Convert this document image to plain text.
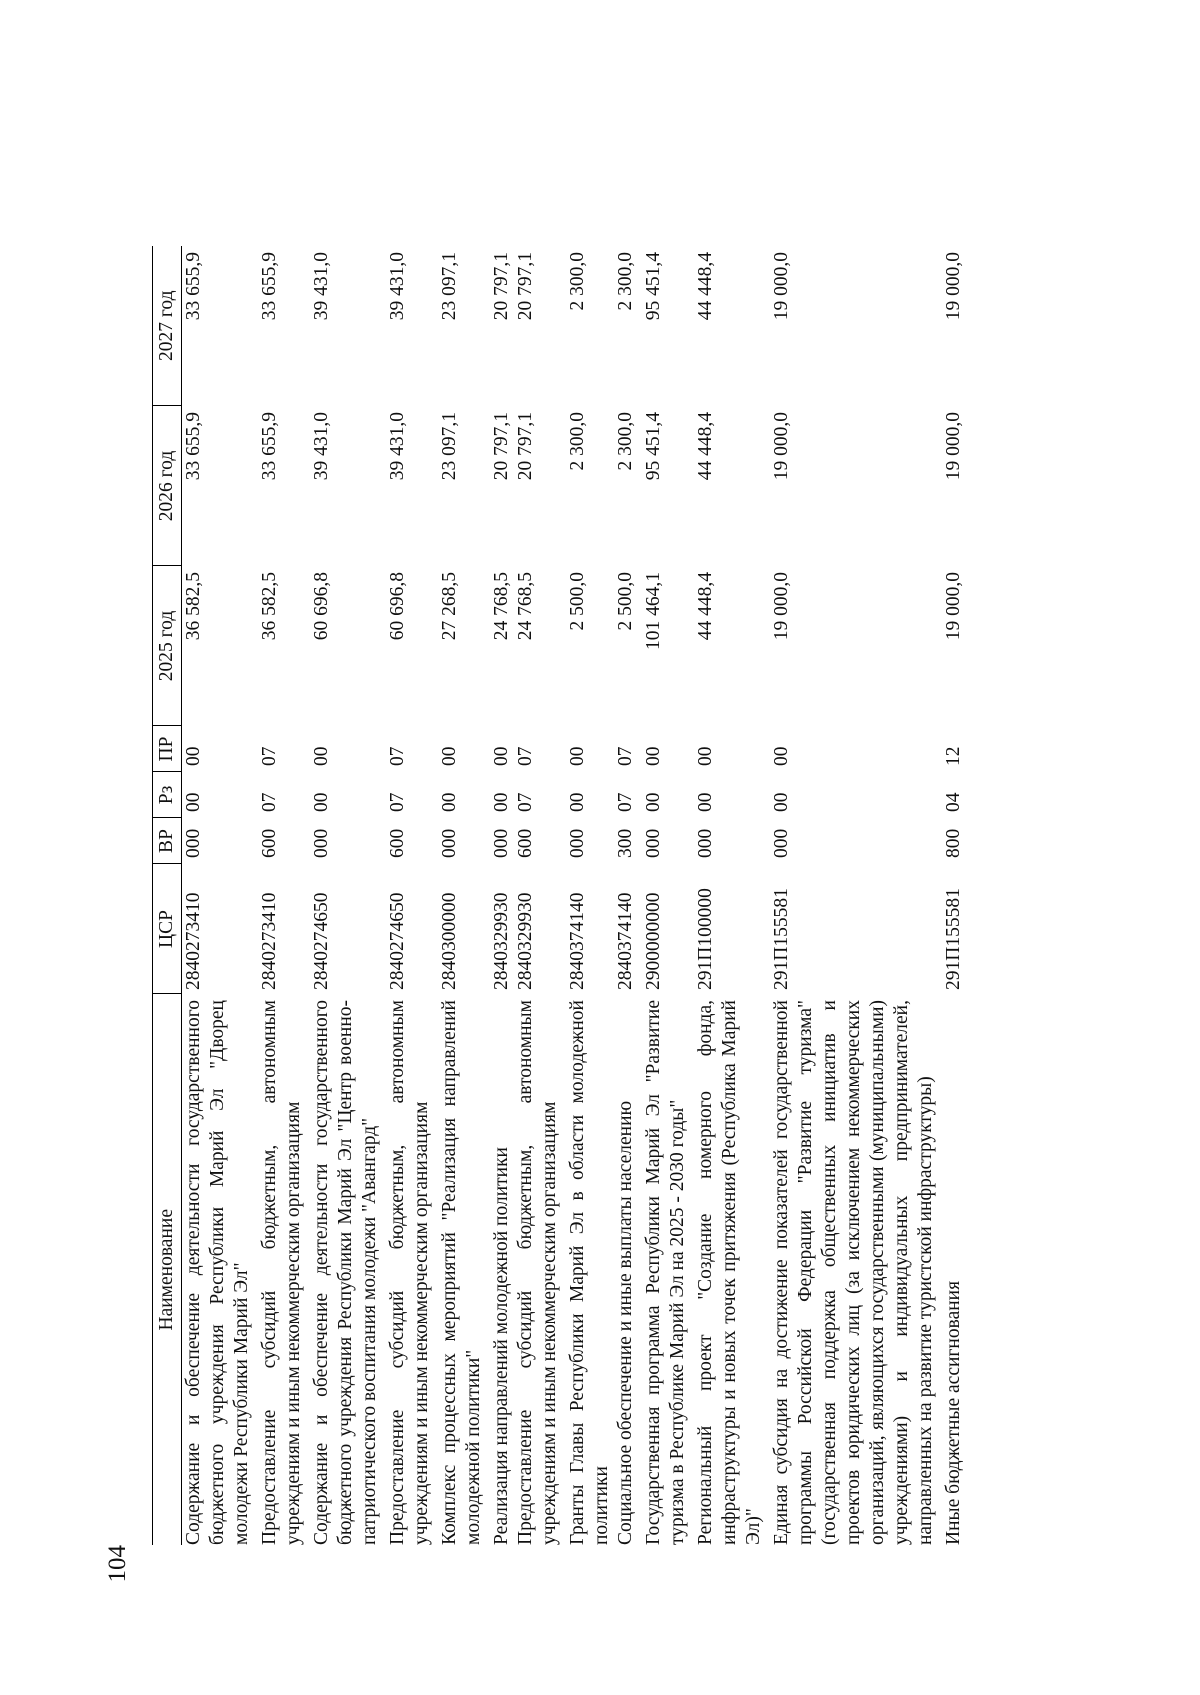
104
Наименование	ЦСР	ВР	Рз	ПР	2025 год	2026 год	2027 год
Содержание и обеспечение деятельности государственного бюджетного учреждения Республики Марий Эл "Дворец молодежи Республики Марий Эл"	2840273410	000	00	00	36 582,5	33 655,9	33 655,9
Предоставление субсидий бюджетным, автономным учреждениям и иным некоммерческим организациям	2840273410	600	07	07	36 582,5	33 655,9	33 655,9
Содержание и обеспечение деятельности государственного бюджетного учреждения Республики Марий Эл "Центр военно-патриотического воспитания молодежи "Авангард"	2840274650	000	00	00	60 696,8	39 431,0	39 431,0
Предоставление субсидий бюджетным, автономным учреждениям и иным некоммерческим организациям	2840274650	600	07	07	60 696,8	39 431,0	39 431,0
Комплекс процессных мероприятий "Реализация направлений молодежной политики"	2840300000	000	00	00	27 268,5	23 097,1	23 097,1
Реализация направлений молодежной политики	2840329930	000	00	00	24 768,5	20 797,1	20 797,1
Предоставление субсидий бюджетным, автономным учреждениям и иным некоммерческим организациям	2840329930	600	07	07	24 768,5	20 797,1	20 797,1
Гранты Главы Республики Марий Эл в области молодежной политики	2840374140	000	00	00	2 500,0	2 300,0	2 300,0
Социальное обеспечение и иные выплаты населению	2840374140	300	07	07	2 500,0	2 300,0	2 300,0
Государственная программа Республики Марий Эл "Развитие туризма в Республике Марий Эл на 2025 - 2030 годы"	2900000000	000	00	00	101 464,1	95 451,4	95 451,4
Региональный проект "Создание номерного фонда, инфраструктуры и новых точек притяжения (Республика Марий Эл)"	291П100000	000	00	00	44 448,4	44 448,4	44 448,4
Единая субсидия на достижение показателей государственной программы Российской Федерации "Развитие туризма" (государственная поддержка общественных инициатив и проектов юридических лиц (за исключением некоммерческих организаций, являющихся государственными (муниципальными) учреждениями) и индивидуальных предпринимателей, направленных на развитие туристской инфраструктуры)	291П155581	000	00	00	19 000,0	19 000,0	19 000,0
Иные бюджетные ассигнования	291П155581	800	04	12	19 000,0	19 000,0	19 000,0
